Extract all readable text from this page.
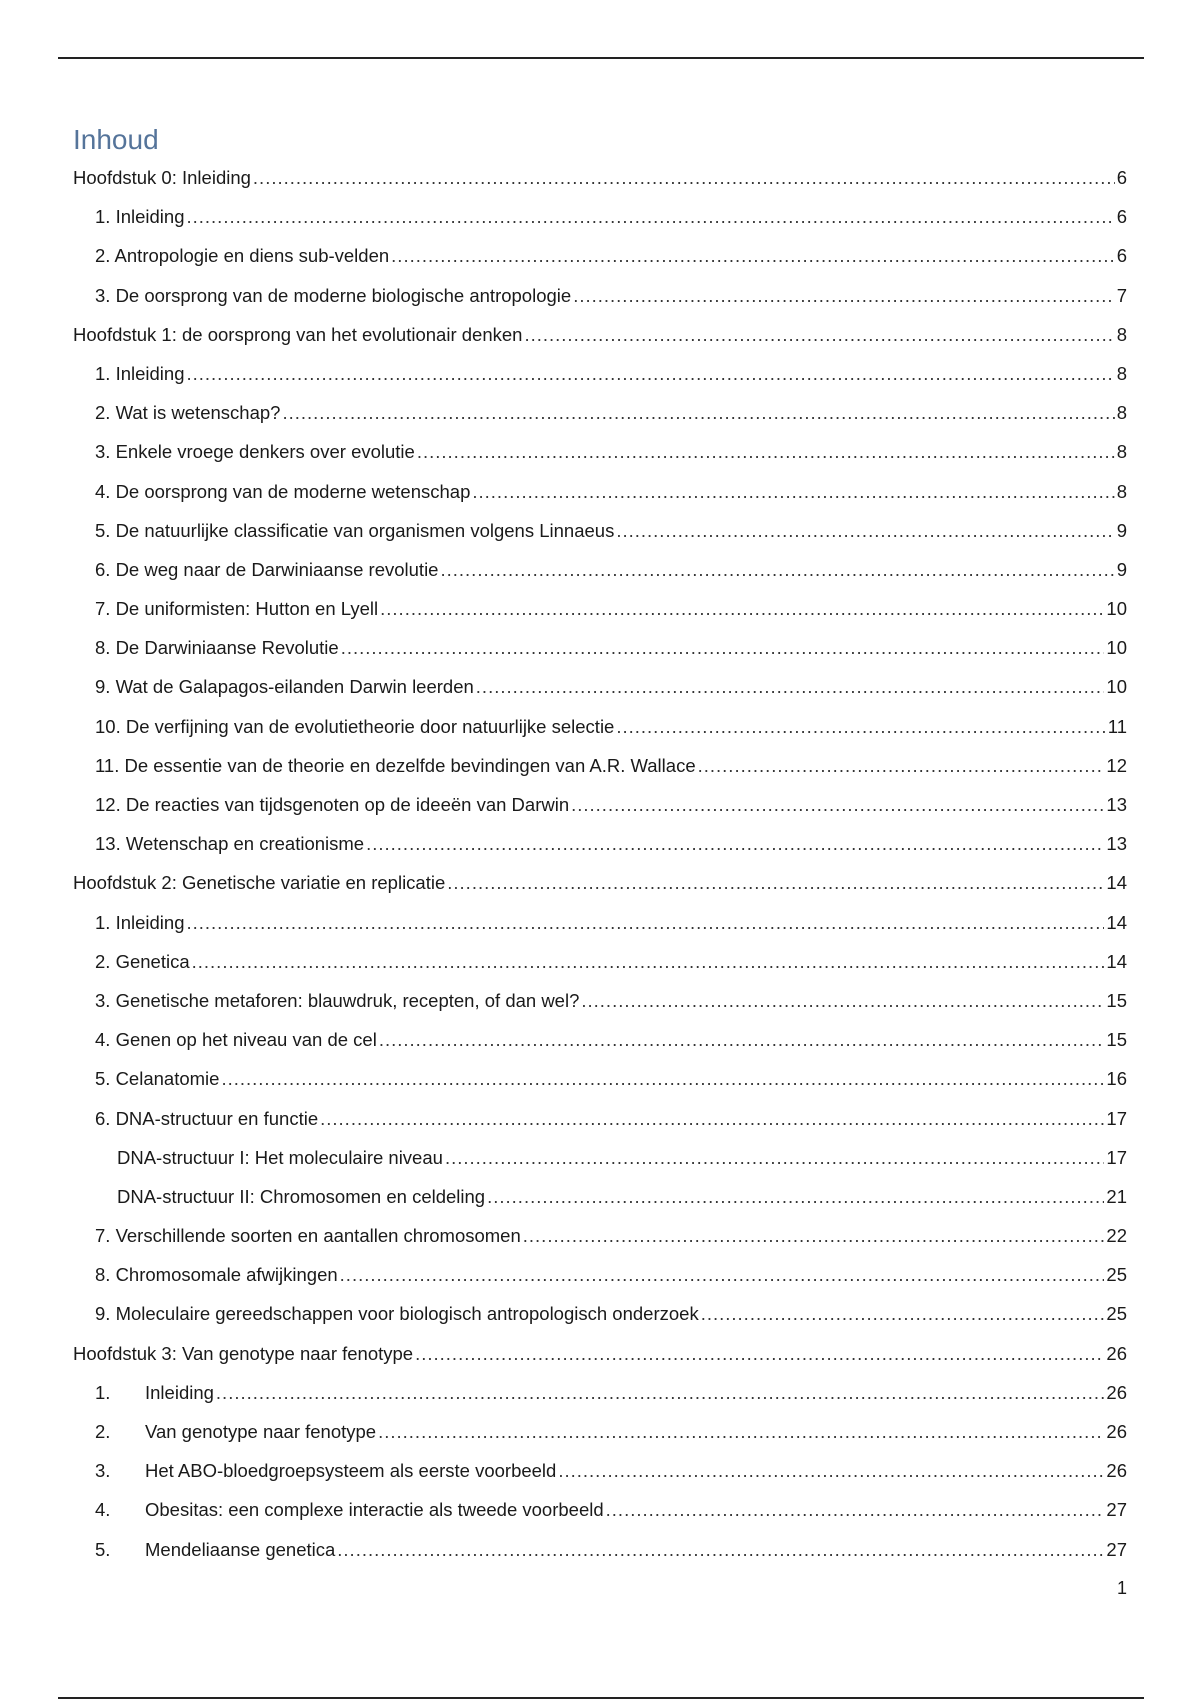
Inhoud
Hoofdstuk 0: Inleiding .....	6
1. Inleiding .....	6
2. Antropologie en diens sub-velden .....	6
3. De oorsprong van de moderne biologische antropologie .....	7
Hoofdstuk 1: de oorsprong van het evolutionair denken .....	8
1. Inleiding .....	8
2. Wat is wetenschap? .....	8
3. Enkele vroege denkers over evolutie .....	8
4. De oorsprong van de moderne wetenschap .....	8
5. De natuurlijke classificatie van organismen volgens Linnaeus .....	9
6. De weg naar de Darwiniaanse revolutie .....	9
7. De uniformisten: Hutton en Lyell .....	10
8. De Darwiniaanse Revolutie .....	10
9. Wat de Galapagos-eilanden Darwin leerden .....	10
10. De verfijning van de evolutietheorie door natuurlijke selectie .....	11
11. De essentie van de theorie en dezelfde bevindingen van A.R. Wallace .....	12
12. De reacties van tijdsgenoten op de ideeën van Darwin .....	13
13. Wetenschap en creationisme .....	13
Hoofdstuk 2: Genetische variatie en replicatie .....	14
1. Inleiding .....	14
2. Genetica .....	14
3. Genetische metaforen: blauwdruk, recepten, of dan wel? .....	15
4. Genen op het niveau van de cel .....	15
5. Celanatomie .....	16
6. DNA-structuur en functie .....	17
DNA-structuur I: Het moleculaire niveau .....	17
DNA-structuur II: Chromosomen en celdeling .....	21
7. Verschillende soorten en aantallen chromosomen .....	22
8. Chromosomale afwijkingen .....	25
9. Moleculaire gereedschappen voor biologisch antropologisch onderzoek .....	25
Hoofdstuk 3: Van genotype naar fenotype .....	26
1.	Inleiding .....	26
2.	Van genotype naar fenotype .....	26
3.	Het ABO-bloedgroepsysteem als eerste voorbeeld .....	26
4.	Obesitas: een complexe interactie als tweede voorbeeld .....	27
5.	Mendeliaanse genetica .....	27
1
